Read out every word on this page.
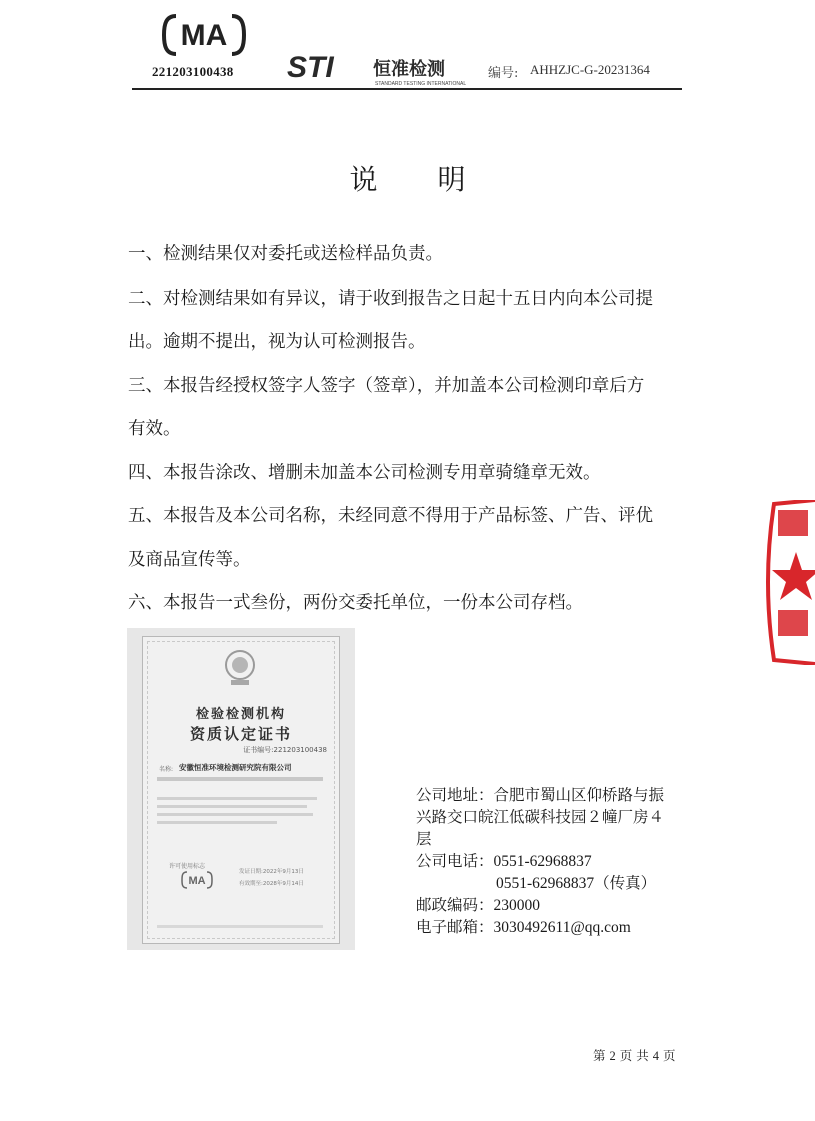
MA
221203100438 STI 恒准检测
STANDARD TESTING INTERNATIONAL
编号: AHHZJC-G-20231364
说明
一、检测结果仅对委托或送检样品负责。
二、对检测结果如有异议，请于收到报告之日起十五日内向本公司提
出。逾期不提出，视为认可检测报告。
三、本报告经授权签字人签字（签章），并加盖本公司检测印章后方
有效。
四、本报告涂改、增删未加盖本公司检测专用章骑缝章无效。
五、本报告及本公司名称，未经同意不得用于产品标签、广告、评优
及商品宣传等。
六、本报告一式叁份，两份交委托单位，一份本公司存档。
检验检测机构
资质认定证书
证书编号:221203100438
名称: 安徽恒准环境检测研究院有限公司
许可使用标志
MA
发证日期:2022年9月13日
有效期至:2028年9月14日
公司地址：合肥市蜀山区仰桥路与振
兴路交口皖江低碳科技园２幢厂房４
层
公司电话：0551-62968837
0551-62968837（传真）
邮政编码：230000
电子邮箱：3030492611@qq.com
第 2 页 共 4 页
